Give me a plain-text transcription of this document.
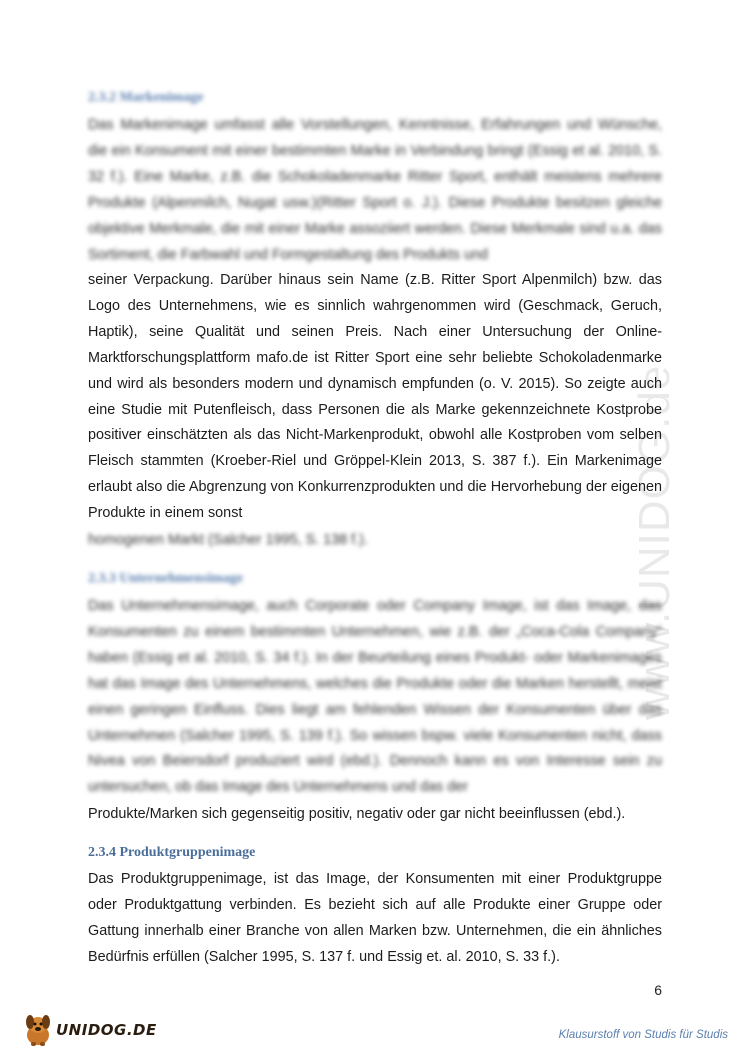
www.UNIDOG.de
2.3.2 Markenimage

Das Markenimage umfasst alle Vorstellungen, Kenntnisse, Erfahrungen und Wünsche, die ein Konsument mit einer bestimmten Marke in Verbindung bringt (Essig et al. 2010, S. 32 f.). Eine Marke, z.B. die Schokoladenmarke Ritter Sport, enthält meistens mehrere Produkte (Alpenmilch, Nugat usw.)(Ritter Sport o. J.). Diese Produkte besitzen gleiche objektive Merkmale, die mit einer Marke assoziiert werden. Diese Merkmale sind u.a. das Sortiment, die Farbwahl und Formgestaltung des Produkts und

seiner Verpackung. Darüber hinaus sein Name (z.B. Ritter Sport Alpenmilch) bzw. das Logo des Unternehmens, wie es sinnlich wahrgenommen wird (Geschmack, Geruch, Haptik), seine Qualität und seinen Preis. Nach einer Untersuchung der Online-Marktforschungsplattform mafo.de ist Ritter Sport eine sehr beliebte Schokoladenmarke und wird als besonders modern und dynamisch empfunden (o. V. 2015). So zeigte auch eine Studie mit Putenfleisch, dass Personen die als Marke gekennzeichnete Kostprobe positiver einschätzten als das Nicht-Markenprodukt, obwohl alle Kostproben vom selben Fleisch stammten (Kroeber-Riel und Gröppel-Klein 2013, S. 387 f.). Ein Markenimage erlaubt also die Abgrenzung von Konkurrenzprodukten und die Hervorhebung der eigenen Produkte in einem sonst

homogenen Markt (Salcher 1995, S. 138 f.).

2.3.3 Unternehmensimage

Das Unternehmensimage, auch Corporate oder Company Image, ist das Image, das Konsumenten zu einem bestimmten Unternehmen, wie z.B. der „Coca-Cola Company“ haben (Essig et al. 2010, S. 34 f.). In der Beurteilung eines Produkt- oder Markenimages hat das Image des Unternehmens, welches die Produkte oder die Marken herstellt, meist einen geringen Einfluss. Dies liegt am fehlenden Wissen der Konsumenten über das Unternehmen (Salcher 1995, S. 139 f.). So wissen bspw. viele Konsumenten nicht, dass Nivea von Beiersdorf produziert wird (ebd.). Dennoch kann es von Interesse sein zu untersuchen, ob das Image des Unternehmens und das der

Produkte/Marken sich gegenseitig positiv, negativ oder gar nicht beeinflussen (ebd.).

2.3.4 Produktgruppenimage

Das Produktgruppenimage, ist das Image, der Konsumenten mit einer Produktgruppe oder Produktgattung verbinden. Es bezieht sich auf alle Produkte einer Gruppe oder Gattung innerhalb einer Branche von allen Marken bzw. Unternehmen, die ein ähnliches Bedürfnis erfüllen (Salcher 1995, S. 137 f. und Essig et. al. 2010, S. 33 f.).

6
UNIDOG.DE	Klausurstoff von Studis für Studis
